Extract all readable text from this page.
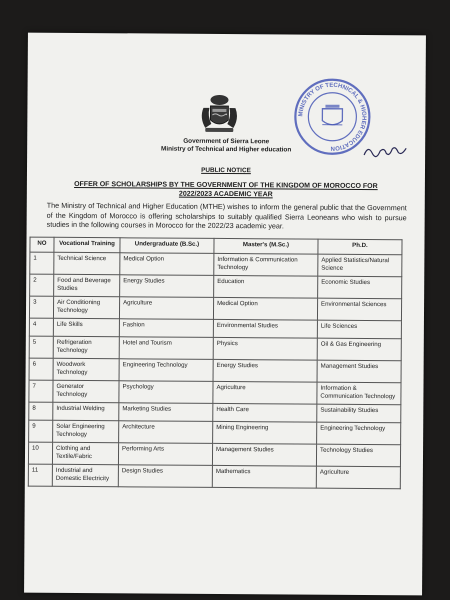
MINISTRY OF TECHNICAL & HIGHER EDUCATION
Government of Sierra Leone
Ministry of Technical and Higher education
PUBLIC NOTICE
OFFER OF SCHOLARSHIPS BY THE GOVERNMENT OF THE KINGDOM OF MOROCCO FOR 2022/2023 ACADEMIC YEAR
The Ministry of Technical and Higher Education (MTHE) wishes to inform the general public that the Government of the Kingdom of Morocco is offering scholarships to suitably qualified Sierra Leoneans who wish to pursue studies in the following courses in Morocco for the 2022/23 academic year.
NO	Vocational Training	Undergraduate (B.Sc.)	Master's (M.Sc.)	Ph.D.
1	Technical Science	Medical Option	Information & Communication Technology	Applied Statistics/Natural Science
2	Food and Beverage Studies	Energy Studies	Education	Economic Studies
3	Air Conditioning Technology	Agriculture	Medical Option	Environmental Sciences
4	Life Skills	Fashion	Environmental Studies	Life Sciences
5	Refrigeration Technology	Hotel and Tourism	Physics	Oil & Gas Engineering
6	Woodwork Technology	Engineering Technology	Energy Studies	Management Studies
7	Generator Technology	Psychology	Agriculture	Information & Communication Technology
8	Industrial Welding	Marketing Studies	Health Care	Sustainability Studies
9	Solar Engineering Technology	Architecture	Mining Engineering	Engineering Technology
10	Clothing and Textile/Fabric	Performing Arts	Management Studies	Technology Studies
11	Industrial and Domestic Electricity	Design Studies	Mathematics	Agriculture
